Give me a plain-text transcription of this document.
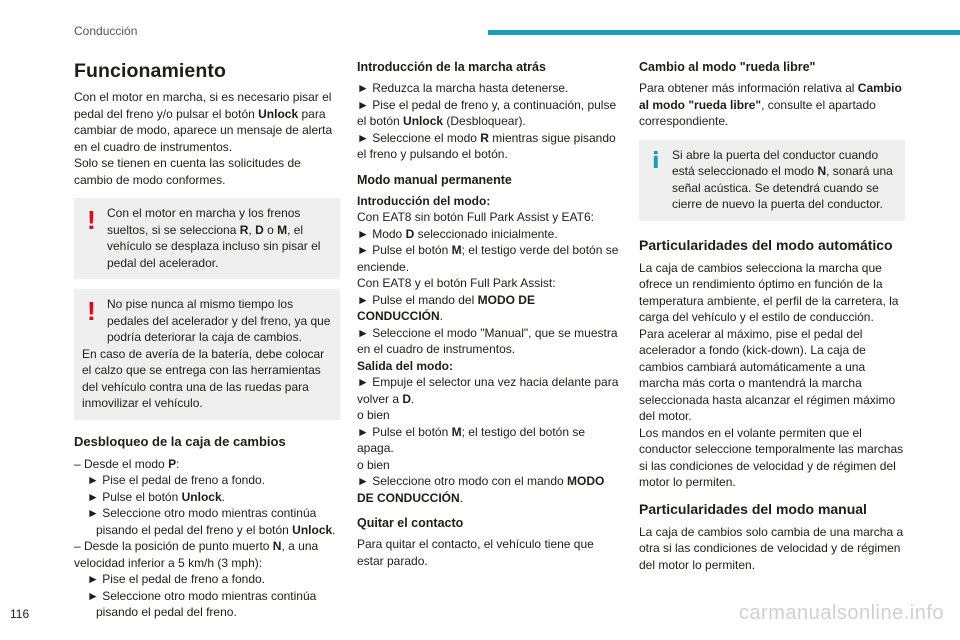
Conducción
Funcionamiento

Con el motor en marcha, si es necesario pisar el pedal del freno y/o pulsar el botón Unlock para cambiar de modo, aparece un mensaje de alerta en el cuadro de instrumentos.

Solo se tienen en cuenta las solicitudes de cambio de modo conformes.

! Con el motor en marcha y los frenos sueltos, si se selecciona R, D o M, el vehículo se desplaza incluso sin pisar el pedal del acelerador.

! No pise nunca al mismo tiempo los pedales del acelerador y del freno, ya que podría deteriorar la caja de cambios.

En caso de avería de la batería, debe colocar el calzo que se entrega con las herramientas del vehículo contra una de las ruedas para inmovilizar el vehículo.

Desbloqueo de la caja de cambios

– Desde el modo P:

► Pise el pedal de freno a fondo.

► Pulse el botón Unlock.

► Seleccione otro modo mientras continúa pisando el pedal del freno y el botón Unlock.

– Desde la posición de punto muerto N, a una velocidad inferior a 5 km/h (3 mph):

► Pise el pedal de freno a fondo.

► Seleccione otro modo mientras continúa pisando el pedal del freno.

Introducción de la marcha atrás

► Reduzca la marcha hasta detenerse.

► Pise el pedal de freno y, a continuación, pulse el botón Unlock (Desbloquear).

► Seleccione el modo R mientras sigue pisando el freno y pulsando el botón.

Modo manual permanente

Introducción del modo:

Con EAT8 sin botón Full Park Assist y EAT6:

► Modo D seleccionado inicialmente.

► Pulse el botón M; el testigo verde del botón se enciende.

Con EAT8 y el botón Full Park Assist:

► Pulse el mando del MODO DE CONDUCCIÓN.

► Seleccione el modo "Manual", que se muestra en el cuadro de instrumentos.

Salida del modo:

► Empuje el selector una vez hacia delante para volver a D.

o bien

► Pulse el botón M; el testigo del botón se apaga.

o bien

► Seleccione otro modo con el mando MODO DE CONDUCCIÓN.

Quitar el contacto

Para quitar el contacto, el vehículo tiene que estar parado.

Cambio al modo "rueda libre"

Para obtener más información relativa al Cambio al modo "rueda libre", consulte el apartado correspondiente.

i	Si abre la puerta del conductor cuando está seleccionado el modo N, sonará una señal acústica. Se detendrá cuando se cierre de nuevo la puerta del conductor.

Particularidades del modo automático

La caja de cambios selecciona la marcha que ofrece un rendimiento óptimo en función de la temperatura ambiente, el perfil de la carretera, la carga del vehículo y el estilo de conducción.

Para acelerar al máximo, pise el pedal del acelerador a fondo (kick-down). La caja de cambios cambiará automáticamente a una marcha más corta o mantendrá la marcha seleccionada hasta alcanzar el régimen máximo del motor.

Los mandos en el volante permiten que el conductor seleccione temporalmente las marchas si las condiciones de velocidad y de régimen del motor lo permiten.

Particularidades del modo manual

La caja de cambios solo cambia de una marcha a otra si las condiciones de velocidad y de régimen del motor lo permiten.

116	carmanualsonline.info
